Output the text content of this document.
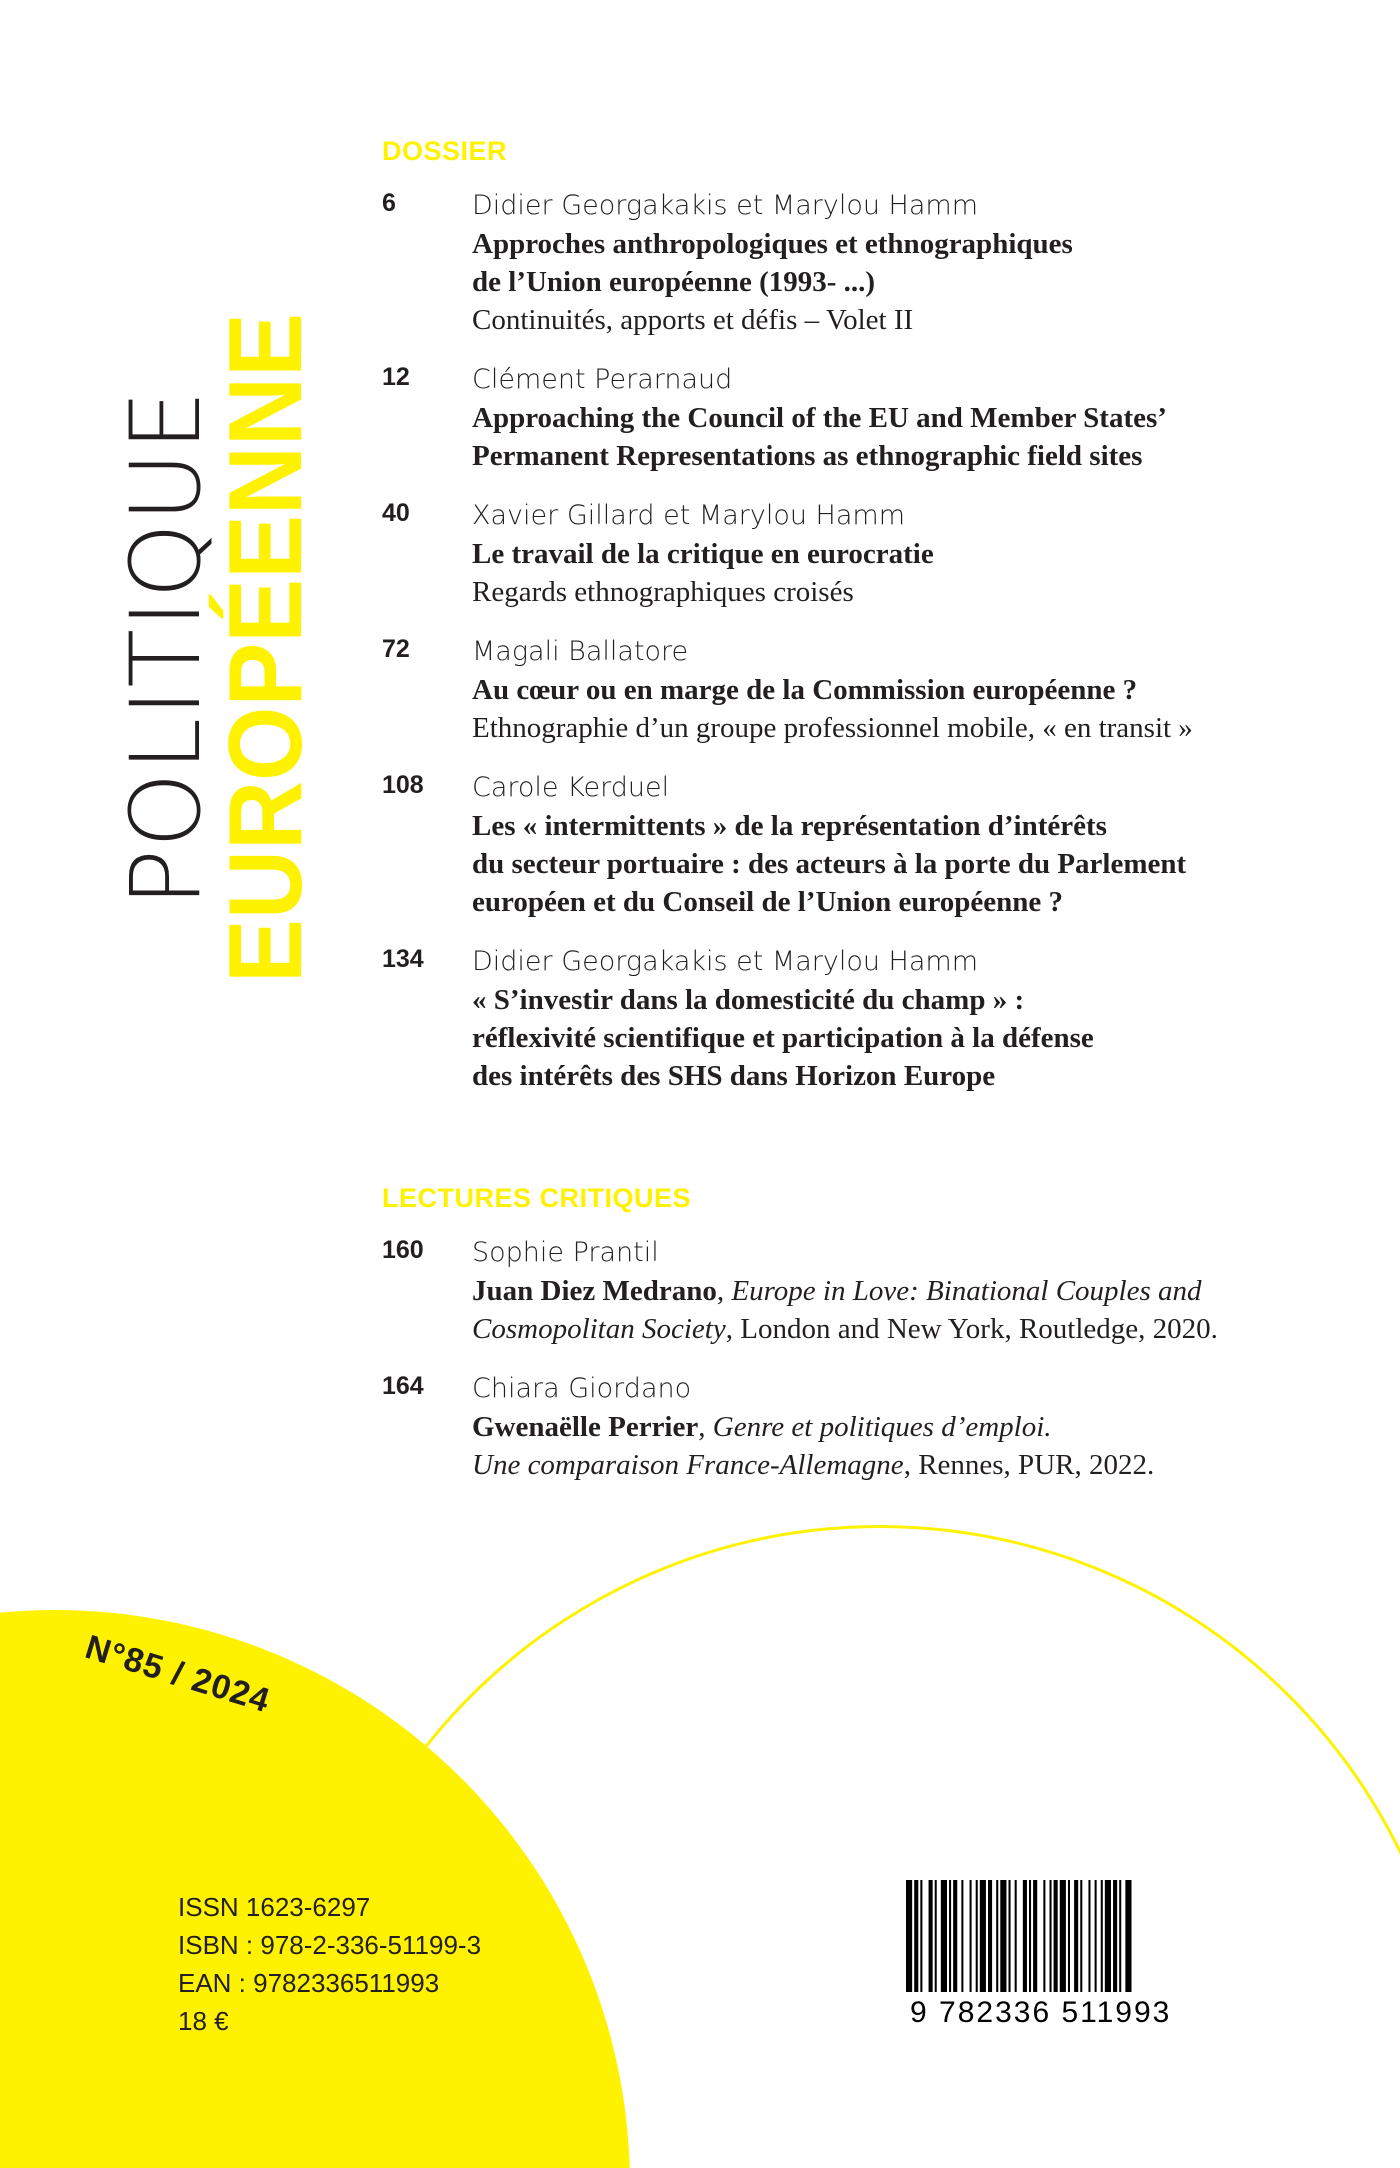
POLITIQUE
EUROPÉENNE
DOSSIER
6	Didier Georgakakis et Marylou Hamm
Approches anthropologiques et ethnographiques
de l’Union européenne (1993- ...)
Continuités, apports et défis – Volet II
12 Clément Perarnaud
Approaching the Council of the EU and Member States’
Permanent Representations as ethnographic field sites
40 Xavier Gillard et Marylou Hamm
Le travail de la critique en eurocratie
Regards ethnographiques croisés
72 Magali Ballatore
Au cœur ou en marge de la Commission européenne ?
Ethnographie d’un groupe professionnel mobile, « en transit »
108 Carole Kerduel
Les « intermittents » de la représentation d’intérêts
du secteur portuaire : des acteurs à la porte du Parlement
européen et du Conseil de l’Union européenne ?
134 Didier Georgakakis et Marylou Hamm
« S’investir dans la domesticité du champ » :
réflexivité scientifique et participation à la défense
des intérêts des SHS dans Horizon Europe
LECTURES CRITIQUES
160 Sophie Prantil
Juan Diez Medrano, Europe in Love: Binational Couples and
Cosmopolitan Society, London and New York, Routledge, 2020.
164 Chiara Giordano
Gwenaëlle Perrier, Genre et politiques d’emploi.
Une comparaison France-Allemagne, Rennes, PUR, 2022.
N°85 / 2024
ISSN 1623-6297
ISBN : 978-2-336-51199-3
EAN : 9782336511993
18 €	9 782336 511993
